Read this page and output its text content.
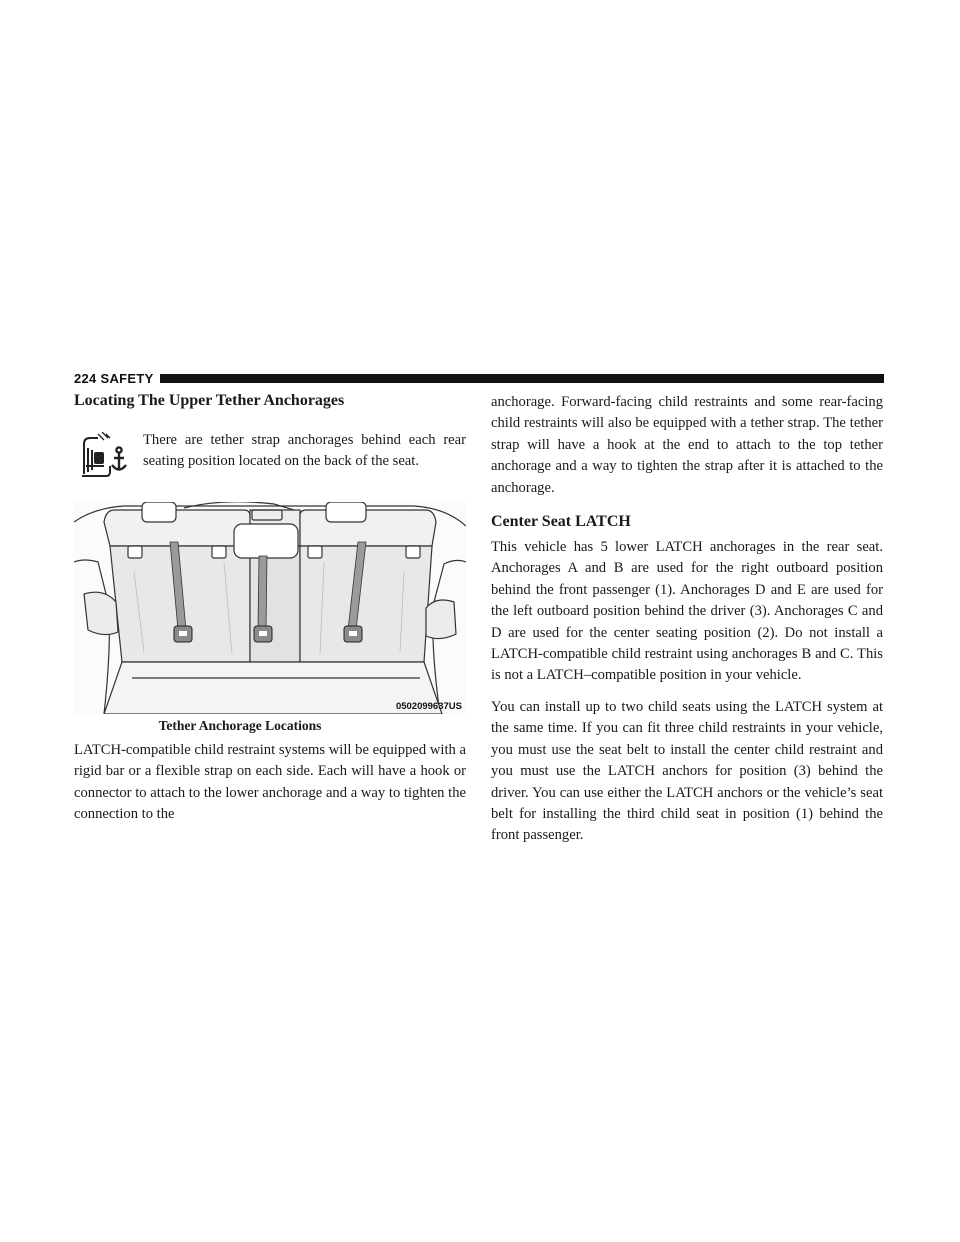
224 SAFETY
Locating The Upper Tether Anchorages

There are tether strap anchorages behind each rear seating position located on the back of the seat.

0502099637US
Tether Anchorage Locations

LATCH-compatible child restraint systems will be equipped with a rigid bar or a flexible strap on each side. Each will have a hook or connector to attach to the lower anchorage and a way to tighten the connection to the

anchorage. Forward-facing child restraints and some rear-facing child restraints will also be equipped with a tether strap. The tether strap will have a hook at the end to attach to the top tether anchorage and a way to tighten the strap after it is attached to the anchorage.

Center Seat LATCH

This vehicle has 5 lower LATCH anchorages in the rear seat. Anchorages A and B are used for the right outboard position behind the front passenger (1). Anchorages D and E are used for the left outboard position behind the driver (3). Anchorages C and D are used for the center seating position (2). Do not install a LATCH-compatible child restraint using anchorages B and C. This is not a LATCH–compatible position in your vehicle.

You can install up to two child seats using the LATCH system at the same time. If you can fit three child restraints in your vehicle, you must use the seat belt to install the center child restraint and you must use the LATCH anchors for position (3) behind the driver. You can use either the LATCH anchors or the vehicle’s seat belt for installing the third child seat in position (1) behind the front passenger.
